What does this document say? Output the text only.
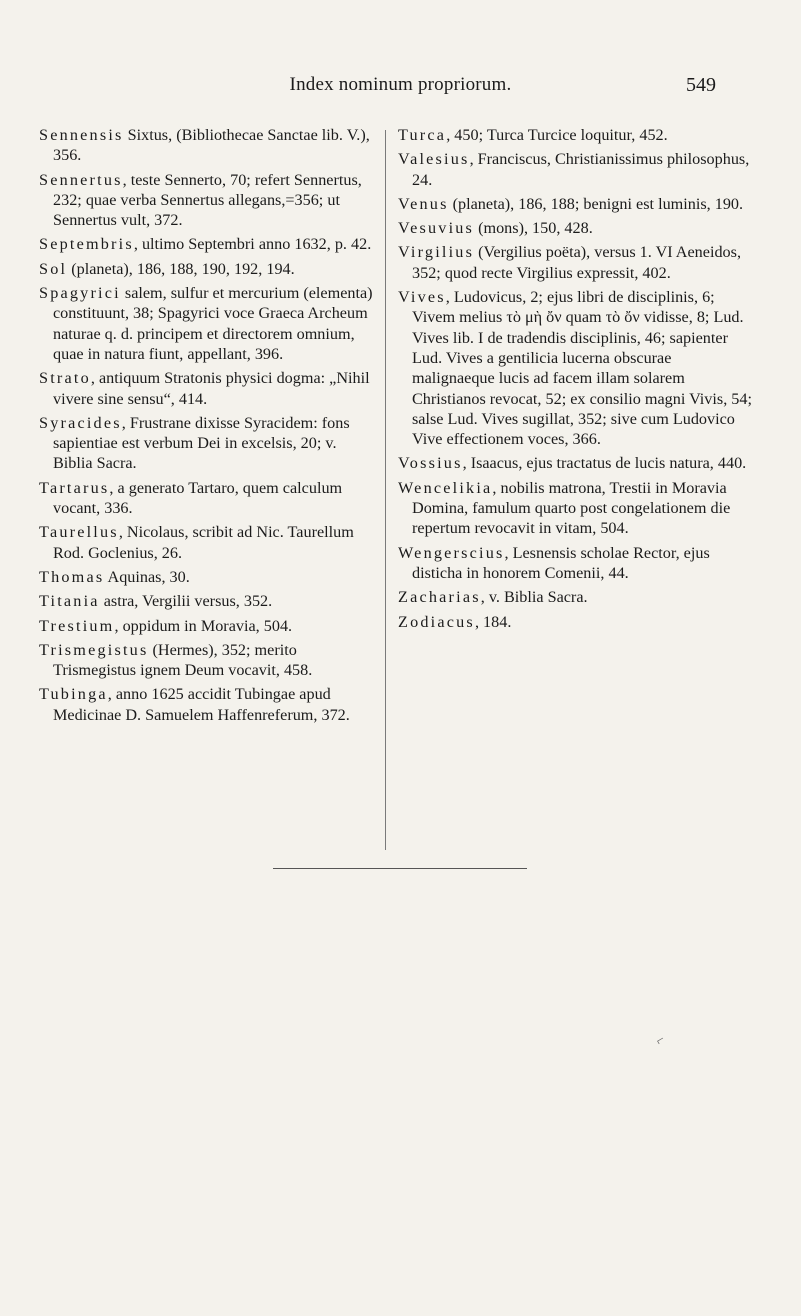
Index nominum propriorum.	549

Sennensis Sixtus, (Bibliothecae Sanctae lib. V.), 356.

Sennertus, teste Sennerto, 70; refert Sennertus, 232; quae verba Sennertus allegans,=356; ut Sennertus vult, 372.

Septembris, ultimo Septembri anno 1632, p. 42.

Sol (planeta), 186, 188, 190, 192, 194.

Spagyrici salem, sulfur et mercurium (elementa) constituunt, 38; Spagyrici voce Graeca Archeum naturae q. d. principem et directorem omnium, quae in natura fiunt, appellant, 396.

Strato, antiquum Stratonis physici dogma: „Nihil vivere sine sensu“, 414.

Syracides, Frustrane dixisse Syracidem: fons sapientiae est verbum Dei in excelsis, 20; v. Biblia Sacra.

Tartarus, a generato Tartaro, quem calculum vocant, 336.

Taurellus, Nicolaus, scribit ad Nic. Taurellum Rod. Goclenius, 26.

Thomas Aquinas, 30.

Titania astra, Vergilii versus, 352.

Trestium, oppidum in Moravia, 504.

Trismegistus (Hermes), 352; merito Trismegistus ignem Deum vocavit, 458.

Tubinga, anno 1625 accidit Tubingae apud Medicinae D. Samuelem Haffenreferum, 372.

Turca, 450; Turca Turcice loquitur, 452.

Valesius, Franciscus, Christianissimus philosophus, 24.

Venus (planeta), 186, 188; benigni est luminis, 190.

Vesuvius (mons), 150, 428.

Virgilius (Vergilius poëta), versus 1. VI Aeneidos, 352; quod recte Virgilius expressit, 402.

Vives, Ludovicus, 2; ejus libri de disciplinis, 6; Vivem melius τὸ μὴ ὄν quam τὸ ὄν vidisse, 8; Lud. Vives lib. I de tradendis disciplinis, 46; sapienter Lud. Vives a gentilicia lucerna obscurae malignaeque lucis ad facem illam solarem Christianos revocat, 52; ex consilio magni Vivis, 54; salse Lud. Vives sugillat, 352; sive cum Ludovico Vive effectionem voces, 366.

Vossius, Isaacus, ejus tractatus de lucis natura, 440.

Wencelikia, nobilis matrona, Trestii in Moravia Domina, famulum quarto post congelationem die repertum revocavit in vitam, 504.

Wengerscius, Lesnensis scholae Rector, ejus disticha in honorem Comenii, 44.

Zacharias, v. Biblia Sacra.

Zodiacus, 184.

⌐
